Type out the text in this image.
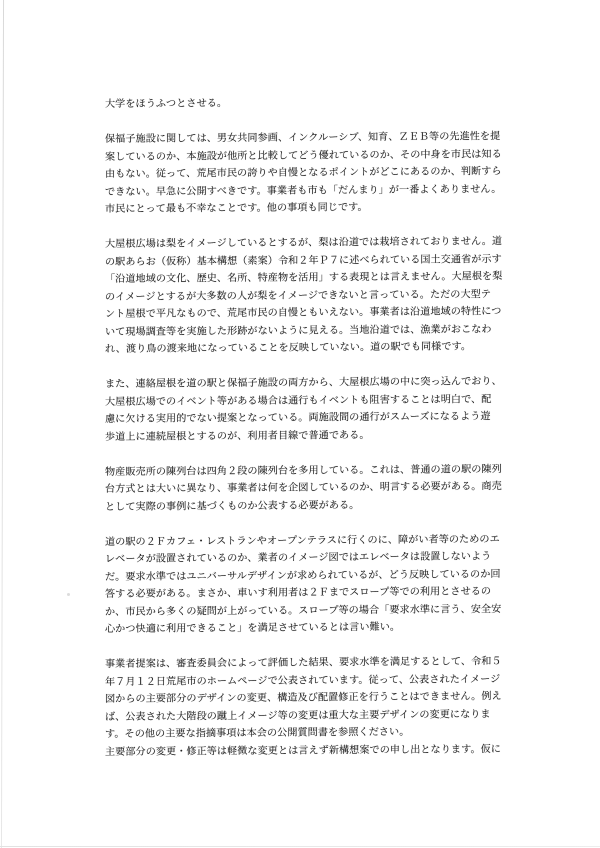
大学をほうふつとさせる。
保福子施設に関しては、男女共同参画、インクルーシブ、知育、ＺＥＢ等の先進性を提
案しているのか、本施設が他所と比較してどう優れているのか、その中身を市民は知る
由もない。従って、荒尾市民の誇りや自慢となるポイントがどこにあるのか、判断すら
できない。早急に公開すべきです。事業者も市も「だんまり」が一番よくありません。
市民にとって最も不幸なことです。他の事項も同じです。
大屋根広場は梨をイメージしているとするが、梨は沿道では栽培されておりません。道
の駅あらお（仮称）基本構想（素案）令和２年Ｐ７に述べられている国土交通省が示す
「沿道地域の文化、歴史、名所、特産物を活用」する表現とは言えません。大屋根を梨
のイメージとするが大多数の人が梨をイメージできないと言っている。ただの大型テ
ント屋根で平凡なもので、荒尾市民の自慢ともいえない。事業者は沿道地域の特性につ
いて現場調査等を実施した形跡がないように見える。当地沿道では、漁業がおこなわ
れ、渡り鳥の渡来地になっていることを反映していない。道の駅でも同様です。
また、連絡屋根を道の駅と保福子施設の両方から、大屋根広場の中に突っ込んでおり、
大屋根広場でのイベント等がある場合は通行もイベントも阻害することは明白で、配
慮に欠ける実用的でない提案となっている。両施設間の通行がスムーズになるよう遊
歩道上に連続屋根とするのが、利用者目線で普通である。
物産販売所の陳列台は四角２段の陳列台を多用している。これは、普通の道の駅の陳列
台方式とは大いに異なり、事業者は何を企図しているのか、明言する必要がある。商売
として実際の事例に基づくものか公表する必要がある。
道の駅の２Ｆカフェ・レストランやオープンテラスに行くのに、障がい者等のためのエ
レベータが設置されているのか、業者のイメージ図ではエレベータは設置しないよう
だ。要求水準ではユニバーサルデザインが求められているが、どう反映しているのか回
答する必要がある。まさか、車いす利用者は２Ｆまでスロープ等での利用とさせるの
か、市民から多くの疑問が上がっている。スロープ等の場合「要求水準に言う、安全安
心かつ快適に利用できること」を満足させているとは言い難い。
事業者提案は、審査委員会によって評価した結果、要求水準を満足するとして、令和５
年７月１２日荒尾市のホームページで公表されています。従って、公表されたイメージ
図からの主要部分のデザインの変更、構造及び配置修正を行うことはできません。例え
ば、公表された大階段の蹴上イメージ等の変更は重大な主要デザインの変更になりま
す。その他の主要な指摘事項は本会の公開質問書を参照ください。
主要部分の変更・修正等は軽微な変更とは言えず新構想案での申し出となります。仮に
